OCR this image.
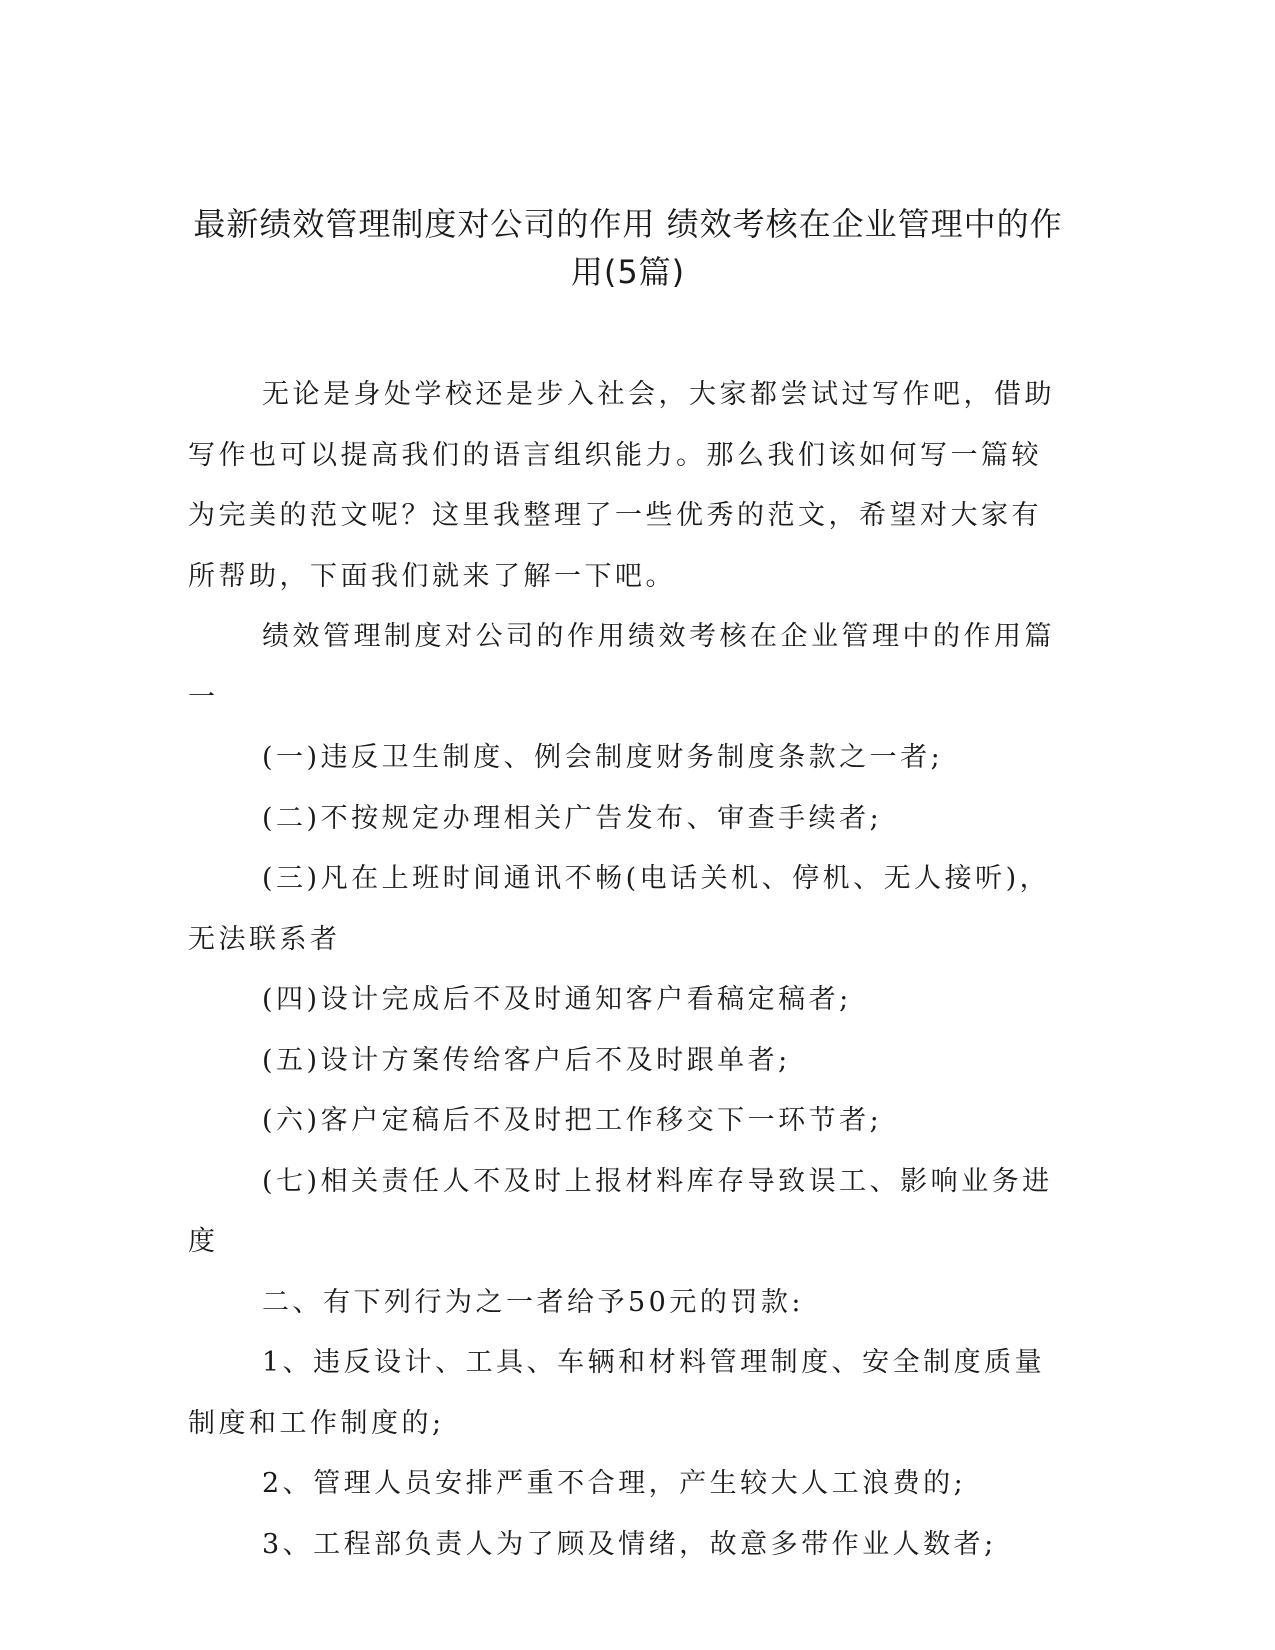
最新绩效管理制度对公司的作用 绩效考核在企业管理中的作用(5篇)

无论是身处学校还是步入社会，大家都尝试过写作吧，借助写作也可以提高我们的语言组织能力。那么我们该如何写一篇较为完美的范文呢？这里我整理了一些优秀的范文，希望对大家有所帮助，下面我们就来了解一下吧。

绩效管理制度对公司的作用绩效考核在企业管理中的作用篇一

(一)违反卫生制度、例会制度财务制度条款之一者;

(二)不按规定办理相关广告发布、审查手续者;

(三)凡在上班时间通讯不畅(电话关机、停机、无人接听)，无法联系者

(四)设计完成后不及时通知客户看稿定稿者;

(五)设计方案传给客户后不及时跟单者;

(六)客户定稿后不及时把工作移交下一环节者;

(七)相关责任人不及时上报材料库存导致误工、影响业务进度

二、有下列行为之一者给予50元的罚款:

1、违反设计、工具、车辆和材料管理制度、安全制度质量制度和工作制度的;

2、管理人员安排严重不合理，产生较大人工浪费的;

3、工程部负责人为了顾及情绪，故意多带作业人数者;
